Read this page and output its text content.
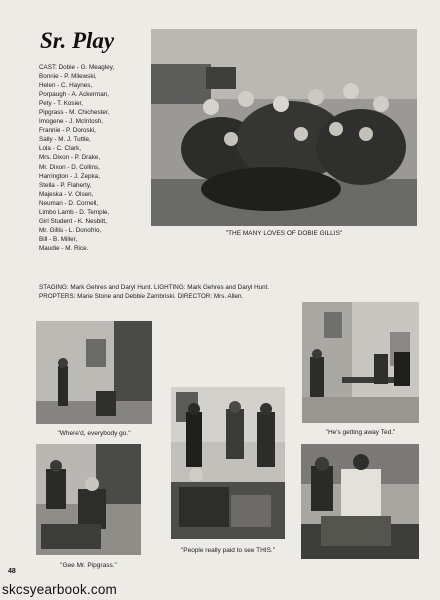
Sr. Play
CAST: Dobie - G. Meagley,
Bonnie - P. Milewski,
Helen - C. Haynes,
Porpaugh - A. Ackerman,
Pety - T. Kosier,
Pipgrass - M. Chichester,
Imogene - J. McIntosh,
Frannie - P. Doroski,
Sally - M. J. Tuttle,
Lola - C. Clark,
Mrs. Dixon - P. Drake,
Mr. Dixon - D. Collins,
Harrington - J. Zepka,
Stella - P. Flaherty,
Majeska - V. Olsen,
Neuman - D. Cornell,
Limbo Lamb - D. Temple,
Girl Student - K. Nesbitt,
Mr. Gillis - L. Donofrio,
Bill - B. Miller,
Maudie - M. Rice.
"THE MANY LOVES OF DOBIE GILLIS"
STAGING: Mark Gehres and Daryl Hunt. LIGHTING: Mark Gehres and Daryl Hunt.
PROPTERS: Marie Stone and Debbie Zambriski. DIRECTOR: Mrs. Allen.
"Where'd, everybody go."	"He's getting away Ted."
"People really paid to see THIS."
"Gee Mr. Pipgrass."
48
skcsyearbook.com
